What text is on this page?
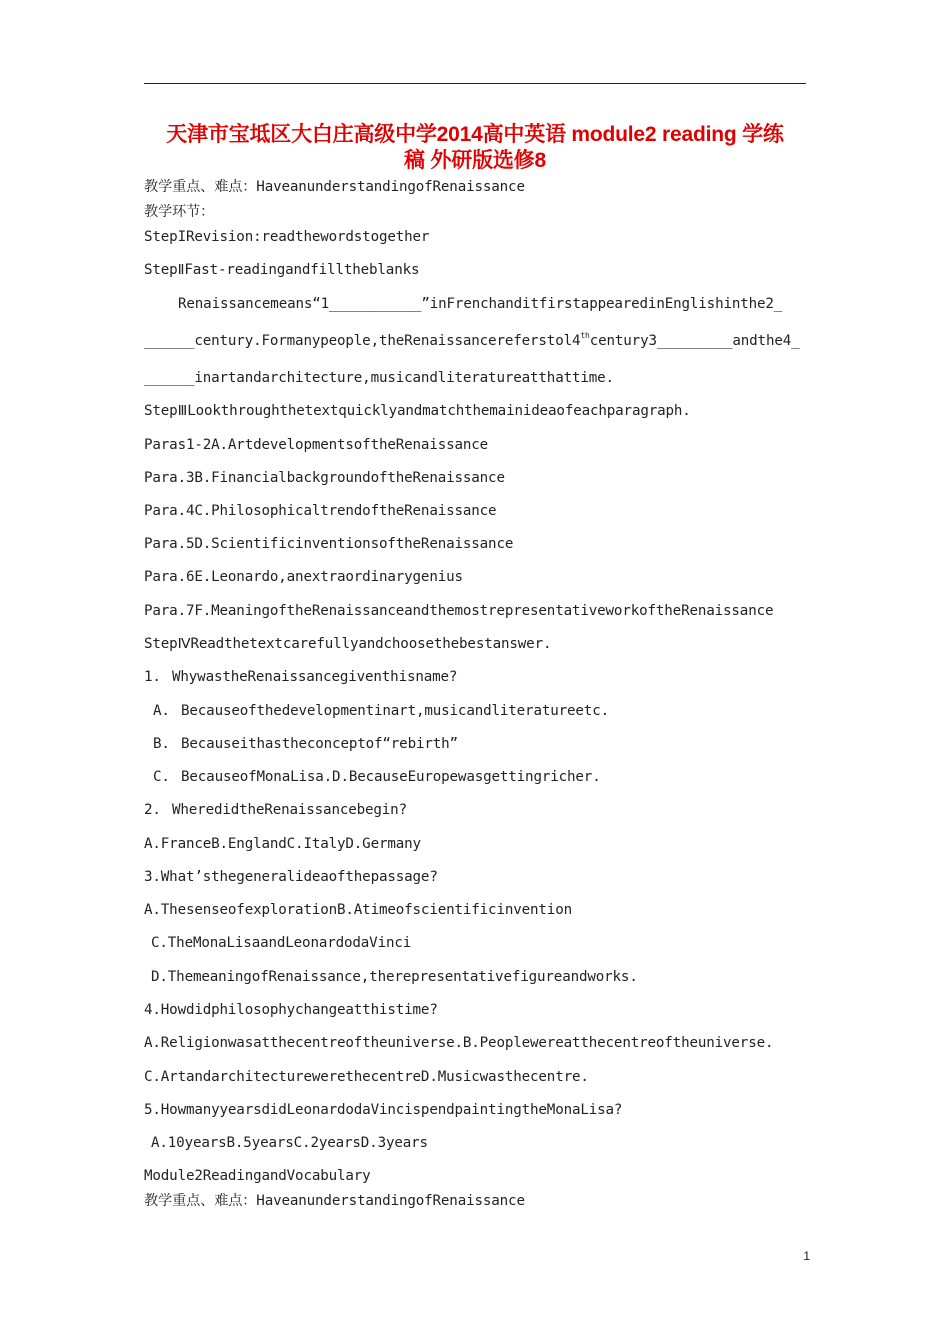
天津市宝坻区大白庄高级中学2014高中英语 module2 reading 学练
稿 外研版选修8
教学重点、难点：HaveanunderstandingofRenaissance
教学环节：
StepIRevision:readthewordstogether
StepⅡFast-readingandfilltheblanks
Renaissancemeans“1___________”inFrenchanditfirstappearedinEnglishinthe2_
______century.Formanypeople,theRenaissancereferstol4thcentury3_________andthe4_
______inartandarchitecture,musicandliteratureatthattime.
StepⅢLookthroughthetextquicklyandmatchthemainideaofeachparagraph.
Paras1-2A.ArtdevelopmentsoftheRenaissance
Para.3B.FinancialbackgroundoftheRenaissance
Para.4C.PhilosophicaltrendoftheRenaissance
Para.5D.ScientificinventionsoftheRenaissance
Para.6E.Leonardo,anextraordinarygenius
Para.7F.MeaningoftheRenaissanceandthemostrepresentativeworkoftheRenaissance
StepⅣReadthetextcarefullyandchoosethebestanswer.
1. WhywastheRenaissancegiventhisname?
A. Becauseofthedevelopmentinart,musicandliteratureetc.
B. Becauseithastheconceptof“rebirth”
C. BecauseofMonaLisa.D.BecauseEuropewasgettingricher.
2. WheredidtheRenaissancebegin?
A.FranceB.EnglandC.ItalyD.Germany
3.What’sthegeneralideaofthepassage?
A.ThesenseofexplorationB.Atimeofscientificinvention
C.TheMonaLisaandLeonardodaVinci
D.ThemeaningofRenaissance,therepresentativefigureandworks.
4.Howdidphilosophychangeatthistime?
A.Religionwasatthecentreoftheuniverse.B.Peoplewereatthecentreoftheuniverse.
C.ArtandarchitecturewerethecentreD.Musicwasthecentre.
5.HowmanyyearsdidLeonardodaVincispendpaintingtheMonaLisa?
A.10yearsB.5yearsC.2yearsD.3years
Module2ReadingandVocabulary
教学重点、难点：HaveanunderstandingofRenaissance
1
